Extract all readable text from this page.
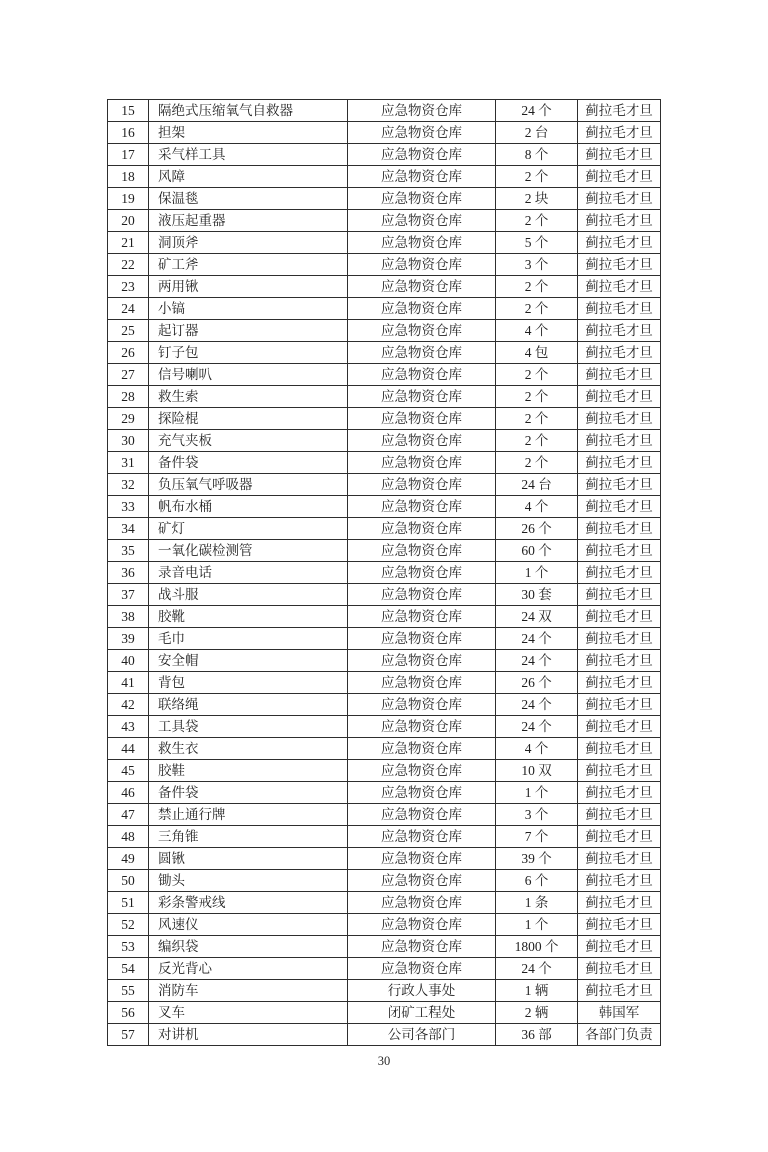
15	隔绝式压缩氧气自救器	应急物资仓库	24 个	蓟拉毛才旦
16	担架	应急物资仓库	2 台	蓟拉毛才旦
17	采气样工具	应急物资仓库	8 个	蓟拉毛才旦
18	风障	应急物资仓库	2 个	蓟拉毛才旦
19	保温毯	应急物资仓库	2 块	蓟拉毛才旦
20	液压起重器	应急物资仓库	2 个	蓟拉毛才旦
21	洞顶斧	应急物资仓库	5 个	蓟拉毛才旦
22	矿工斧	应急物资仓库	3 个	蓟拉毛才旦
23	两用锹	应急物资仓库	2 个	蓟拉毛才旦
24	小镐	应急物资仓库	2 个	蓟拉毛才旦
25	起订器	应急物资仓库	4 个	蓟拉毛才旦
26	钉子包	应急物资仓库	4 包	蓟拉毛才旦
27	信号喇叭	应急物资仓库	2 个	蓟拉毛才旦
28	救生索	应急物资仓库	2 个	蓟拉毛才旦
29	探险棍	应急物资仓库	2 个	蓟拉毛才旦
30	充气夹板	应急物资仓库	2 个	蓟拉毛才旦
31	备件袋	应急物资仓库	2 个	蓟拉毛才旦
32	负压氧气呼吸器	应急物资仓库	24 台	蓟拉毛才旦
33	帆布水桶	应急物资仓库	4 个	蓟拉毛才旦
34	矿灯	应急物资仓库	26 个	蓟拉毛才旦
35	一氧化碳检测管	应急物资仓库	60 个	蓟拉毛才旦
36	录音电话	应急物资仓库	1 个	蓟拉毛才旦
37	战斗服	应急物资仓库	30 套	蓟拉毛才旦
38	胶靴	应急物资仓库	24 双	蓟拉毛才旦
39	毛巾	应急物资仓库	24 个	蓟拉毛才旦
40	安全帽	应急物资仓库	24 个	蓟拉毛才旦
41	背包	应急物资仓库	26 个	蓟拉毛才旦
42	联络绳	应急物资仓库	24 个	蓟拉毛才旦
43	工具袋	应急物资仓库	24 个	蓟拉毛才旦
44	救生衣	应急物资仓库	4 个	蓟拉毛才旦
45	胶鞋	应急物资仓库	10 双	蓟拉毛才旦
46	备件袋	应急物资仓库	1 个	蓟拉毛才旦
47	禁止通行牌	应急物资仓库	3 个	蓟拉毛才旦
48	三角锥	应急物资仓库	7 个	蓟拉毛才旦
49	圆锹	应急物资仓库	39 个	蓟拉毛才旦
50	锄头	应急物资仓库	6 个	蓟拉毛才旦
51	彩条警戒线	应急物资仓库	1 条	蓟拉毛才旦
52	风速仪	应急物资仓库	1 个	蓟拉毛才旦
53	编织袋	应急物资仓库	1800 个	蓟拉毛才旦
54	反光背心	应急物资仓库	24 个	蓟拉毛才旦
55	消防车	行政人事处	1 辆	蓟拉毛才旦
56	叉车	闭矿工程处	2 辆	韩国军
57	对讲机	公司各部门	36 部	各部门负责
30
